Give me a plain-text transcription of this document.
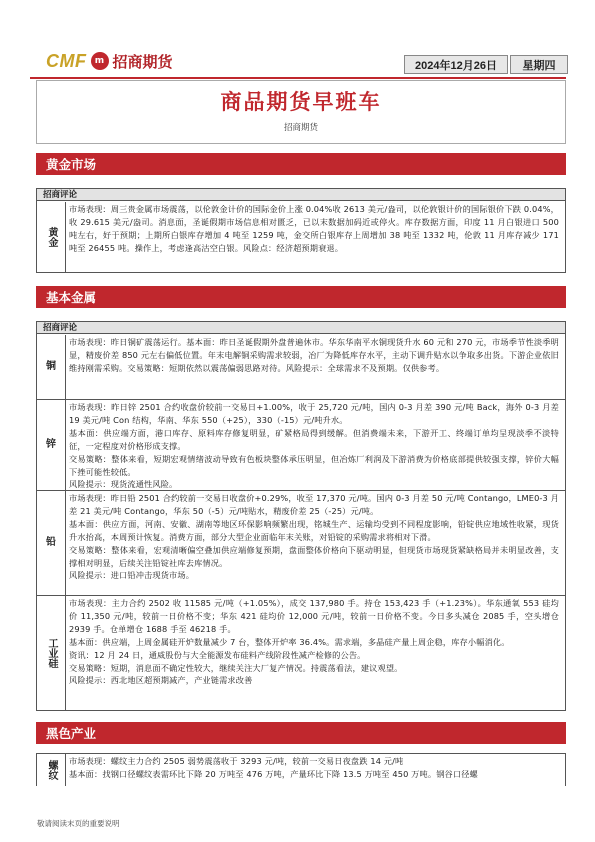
CMF m 招商期货	2024年12月26日	星期四
商品期货早班车
招商期货
黄金市场
招商评论
黄金

市场表现：周三贵金属市场震荡，以伦敦金计价的国际金价上涨 0.04%收 2613 美元/盎司，以伦敦银计价的国际银价下跌 0.04%，收 29.615 美元/盎司。消息面，圣诞假期市场信息相对匮乏，已以末数据加码近或停火。库存数据方面，印度 11 月白银进口 500 吨左右，好于预期；上期所白银库存增加 4 吨至 1259 吨，金交所白银库存上周增加 38 吨至 1332 吨，伦敦 11 月库存减少 171 吨至 26455 吨。操作上，考虑逢高沽空白银。风险点：经济超预期衰退。

基本金属
招商评论
铜

市场表现：昨日铜矿震荡运行。基本面：昨日圣诞假期外盘普遍休市。华东华南平水铜现货升水 60 元和 270 元，市场季节性淡季明显，精废价差 850 元左右偏低位置。年末电解铜采购需求较弱，冶厂为降低库存水平，主动下调升贴水以争取多出货。下游企业依旧维持刚需采购。交易策略：短期依然以震荡偏弱思路对待。风险提示：全球需求不及预期。仅供参考。

锌

市场表现：昨日锌 2501 合约收盘价较前一交易日+1.00%，收于 25,720 元/吨，国内 0-3 月差 390 元/吨 Back，海外 0-3 月差 19 美元/吨 Con 结构，华南、华东 550（+25），330（-15）元/吨升水。

基本面：供应端方面，港口库存、原料库存修复明显，矿紧格局得到缓解。但消费端未来，下游开工、终端订单均呈现淡季不淡特征，一定程度对价格形成支撑。

交易策略：整体来看，短期宏观情绪波动导致有色板块整体承压明显，但冶炼厂利润及下游消费为价格底部提供较强支撑，锌价大幅下挫可能性较低。

风险提示：现货流通性风险。

铅

市场表现：昨日铅 2501 合约较前一交易日收盘价+0.29%，收至 17,370 元/吨。国内 0-3 月差 50 元/吨 Contango，LME0-3 月差 21 美元/吨 Contango，华东 50（-5）元/吨贴水，精废价差 25（-25）元/吨。

基本面：供应方面，河南、安徽、湖南等地区环保影响频繁出现，铭城生产、运输均受到不同程度影响，铅锭供应地域性收紧，现货升水抬高，本周预计恢复。消费方面，部分大型企业面临年末关账，对铅锭的采购需求将相对下滑。

交易策略：整体来看，宏观清晰偏空叠加供应端修复预期，盘面整体价格向下驱动明显，但现货市场现货紧缺格局并未明显改善，支撑相对明显，后续关注铅锭社库去库情况。

风险提示：进口铅冲击现货市场。

工业硅

市场表现：主力合约 2502 收 11585 元/吨（+1.05%），成交 137,980 手。持仓 153,423 手（+1.23%）。华东通氧 553 硅均价 11,350 元/吨，较前一日价格不变；华东 421 硅均价 12,000 元/吨，较前一日价格不变。今日多头减仓 2085 手，空头增仓 2939 手。仓单增仓 1688 手至 46218 手。

基本面：供应端，上周金属硅开炉数量减少 7 台，整体开炉率 36.4%。需求端，多晶硅产量上周企稳，库存小幅消化。

资讯：12 月 24 日，通威股份与大全能源发布硅料产线阶段性减产检修的公告。

交易策略：短期，消息面不确定性较大，继续关注大厂复产情况。持震荡看法，建议观望。

风险提示：西北地区超预期减产，产业链需求改善

黑色产业
螺纹 市场表现：螺纹主力合约 2505 弱势震荡收于 3293 元/吨，较前一交易日夜盘跌 14 元/吨

基本面：找钢口径螺纹表需环比下降 20 万吨至 476 万吨，产量环比下降 13.5 万吨至 450 万吨。钢谷口径螺

敬请阅读末页的重要说明
